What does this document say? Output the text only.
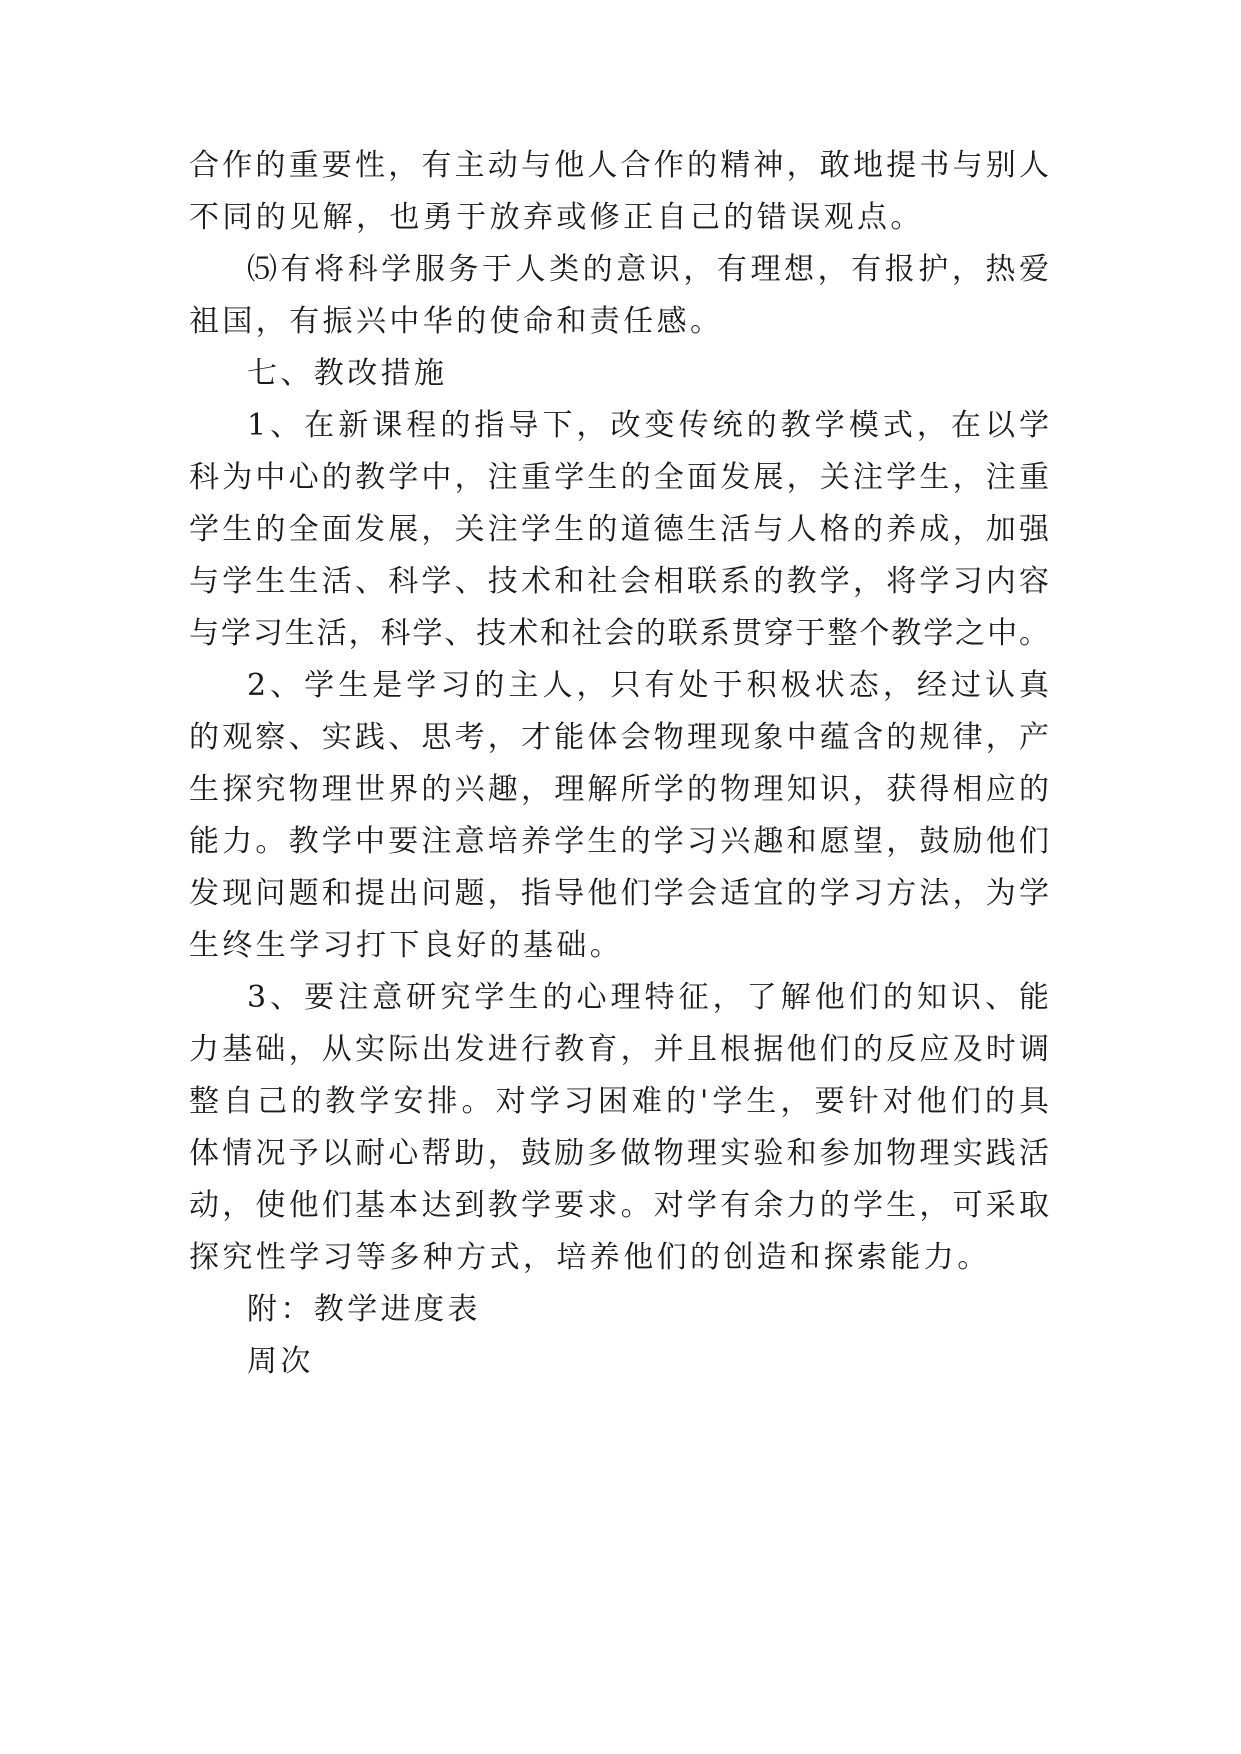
合作的重要性，有主动与他人合作的精神，敢地提书与别人
不同的见解，也勇于放弃或修正自己的错误观点。
⑸有将科学服务于人类的意识，有理想，有报护，热爱
祖国，有振兴中华的使命和责任感。
七、教改措施
1、在新课程的指导下，改变传统的教学模式，在以学
科为中心的教学中，注重学生的全面发展，关注学生，注重
学生的全面发展，关注学生的道德生活与人格的养成，加强
与学生生活、科学、技术和社会相联系的教学，将学习内容
与学习生活，科学、技术和社会的联系贯穿于整个教学之中。
2、学生是学习的主人，只有处于积极状态，经过认真
的观察、实践、思考，才能体会物理现象中蕴含的规律，产
生探究物理世界的兴趣，理解所学的物理知识，获得相应的
能力。教学中要注意培养学生的学习兴趣和愿望，鼓励他们
发现问题和提出问题，指导他们学会适宜的学习方法，为学
生终生学习打下良好的基础。
3、要注意研究学生的心理特征，了解他们的知识、能
力基础，从实际出发进行教育，并且根据他们的反应及时调
整自己的教学安排。对学习困难的'学生，要针对他们的具
体情况予以耐心帮助，鼓励多做物理实验和参加物理实践活
动，使他们基本达到教学要求。对学有余力的学生，可采取
探究性学习等多种方式，培养他们的创造和探索能力。
附：教学进度表
周次
